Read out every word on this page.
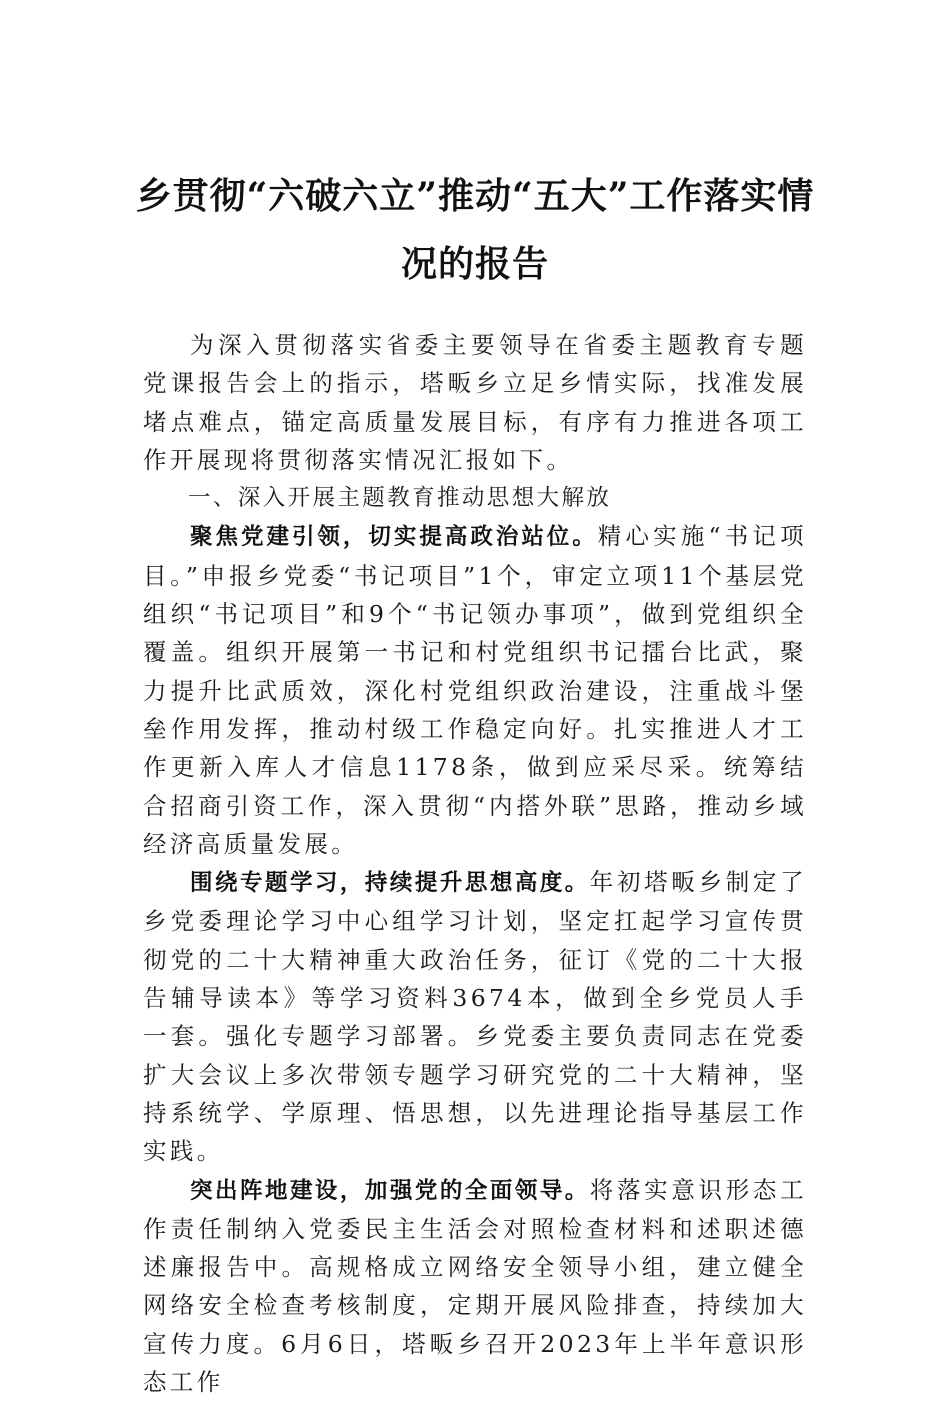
乡贯彻“六破六立”推动“五大”工作落实情况的报告

为深入贯彻落实省委主要领导在省委主题教育专题党课报告会上的指示，塔畈乡立足乡情实际，找准发展堵点难点，锚定高质量发展目标，有序有力推进各项工作开展现将贯彻落实情况汇报如下。

一、深入开展主题教育推动思想大解放

聚焦党建引领，切实提高政治站位。精心实施“书记项目。”申报乡党委“书记项目”1个，审定立项11个基层党组织“书记项目”和9个“书记领办事项”，做到党组织全覆盖。组织开展第一书记和村党组织书记擂台比武，聚力提升比武质效，深化村党组织政治建设，注重战斗堡垒作用发挥，推动村级工作稳定向好。扎实推进人才工作更新入库人才信息1178条，做到应采尽采。统筹结合招商引资工作，深入贯彻“内搭外联”思路，推动乡域经济高质量发展。

围绕专题学习，持续提升思想高度。年初塔畈乡制定了乡党委理论学习中心组学习计划，坚定扛起学习宣传贯彻党的二十大精神重大政治任务，征订《党的二十大报告辅导读本》等学习资料3674本，做到全乡党员人手一套。强化专题学习部署。乡党委主要负责同志在党委扩大会议上多次带领专题学习研究党的二十大精神，坚持系统学、学原理、悟思想，以先进理论指导基层工作实践。

突出阵地建设，加强党的全面领导。将落实意识形态工作责任制纳入党委民主生活会对照检查材料和述职述德述廉报告中。高规格成立网络安全领导小组，建立健全网络安全检查考核制度，定期开展风险排查，持续加大宣传力度。6月6日，塔畈乡召开2023年上半年意识形态工作
